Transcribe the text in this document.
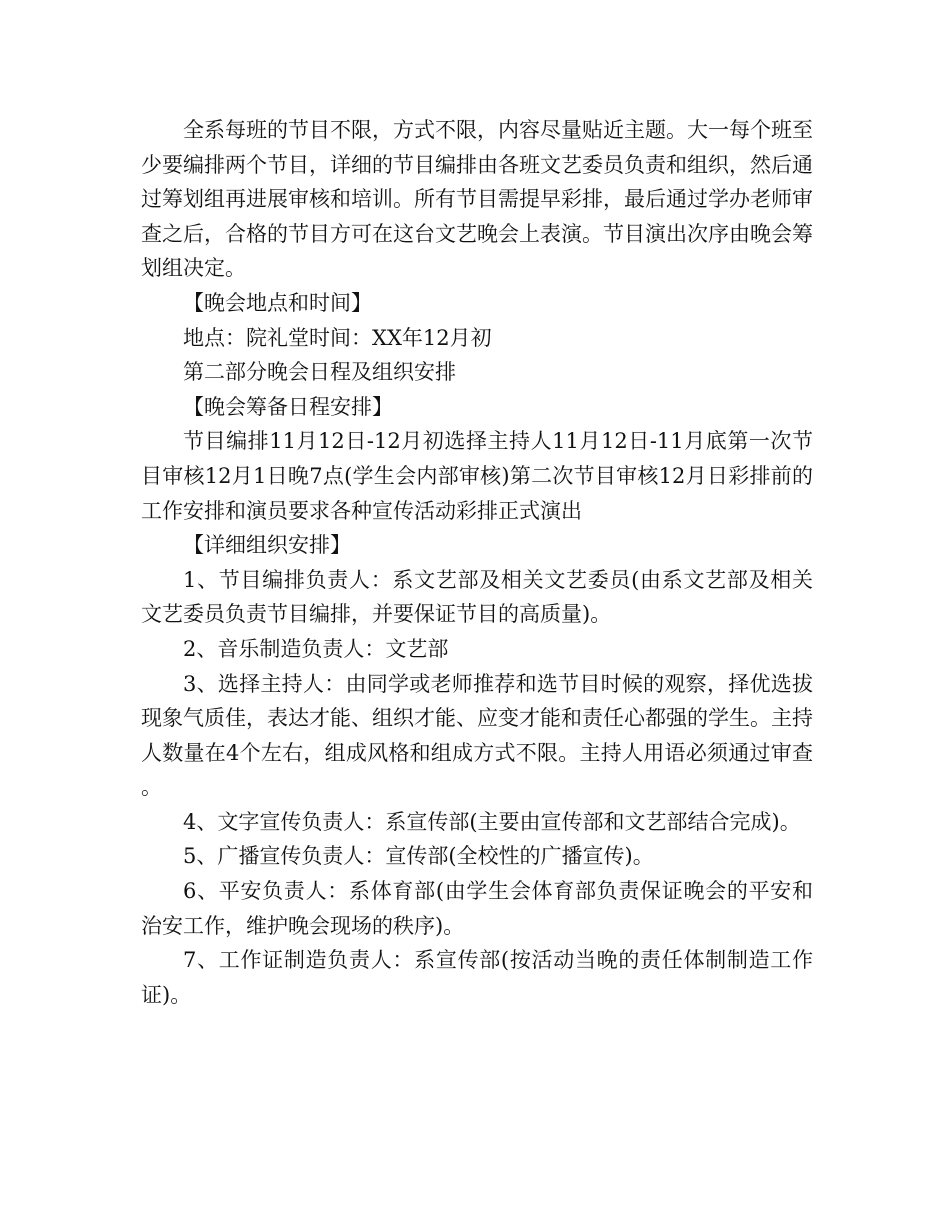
全系每班的节目不限，方式不限，内容尽量贴近主题。大一每个班至少要编排两个节目，详细的节目编排由各班文艺委员负责和组织，然后通过筹划组再进展审核和培训。所有节目需提早彩排，最后通过学办老师审查之后，合格的节目方可在这台文艺晚会上表演。节目演出次序由晚会筹划组决定。

【晚会地点和时间】

地点：院礼堂时间：XX年12月初

第二部分晚会日程及组织安排

【晚会筹备日程安排】

节目编排11月12日-12月初选择主持人11月12日-11月底第一次节目审核12月1日晚7点(学生会内部审核)第二次节目审核12月日彩排前的工作安排和演员要求各种宣传活动彩排正式演出

【详细组织安排】

1、节目编排负责人：系文艺部及相关文艺委员(由系文艺部及相关文艺委员负责节目编排，并要保证节目的高质量)。

2、音乐制造负责人：文艺部

3、选择主持人：由同学或老师推荐和选节目时候的观察，择优选拔现象气质佳，表达才能、组织才能、应变才能和责任心都强的学生。主持人数量在4个左右，组成风格和组成方式不限。主持人用语必须通过审查。

4、文字宣传负责人：系宣传部(主要由宣传部和文艺部结合完成)。

5、广播宣传负责人：宣传部(全校性的广播宣传)。

6、平安负责人：系体育部(由学生会体育部负责保证晚会的平安和治安工作，维护晚会现场的秩序)。

7、工作证制造负责人：系宣传部(按活动当晚的责任体制制造工作证)。
